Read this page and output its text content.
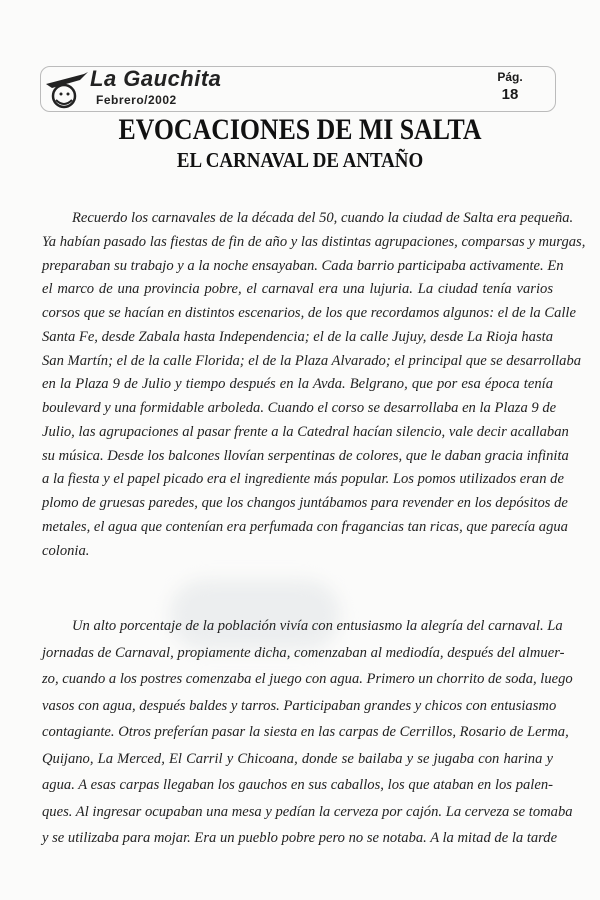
La Gauchita
Febrero/2002
Pág.
18
EVOCACIONES DE MI SALTA
EL CARNAVAL DE ANTAÑO
Recuerdo los carnavales de la década del 50, cuando la ciudad de Salta era pequeña.
Ya habían pasado las fiestas de fin de año y las distintas agrupaciones, comparsas y murgas,
preparaban su trabajo y a la noche ensayaban. Cada barrio participaba activamente. En
el marco de una provincia pobre, el carnaval era una lujuria. La ciudad tenía varios
corsos que se hacían en distintos escenarios, de los que recordamos algunos: el de la Calle
Santa Fe, desde Zabala hasta Independencia; el de la calle Jujuy, desde La Rioja hasta
San Martín; el de la calle Florida; el de la Plaza Alvarado; el principal que se desarrollaba
en la Plaza 9 de Julio y tiempo después en la Avda. Belgrano, que por esa época tenía
boulevard y una formidable arboleda. Cuando el corso se desarrollaba en la Plaza 9 de
Julio, las agrupaciones al pasar frente a la Catedral hacían silencio, vale decir acallaban
su música. Desde los balcones llovían serpentinas de colores, que le daban gracia infinita
a la fiesta y el papel picado era el ingrediente más popular. Los pomos utilizados eran de
plomo de gruesas paredes, que los changos juntábamos para revender en los depósitos de
metales, el agua que contenían era perfumada con fragancias tan ricas, que parecía agua
colonia.
Un alto porcentaje de la población vivía con entusiasmo la alegría del carnaval. La
jornadas de Carnaval, propiamente dicha, comenzaban al mediodía, después del almuer-
zo, cuando a los postres comenzaba el juego con agua. Primero un chorrito de soda, luego
vasos con agua, después baldes y tarros. Participaban grandes y chicos con entusiasmo
contagiante. Otros preferían pasar la siesta en las carpas de Cerrillos, Rosario de Lerma,
Quijano, La Merced, El Carril y Chicoana, donde se bailaba y se jugaba con harina y
agua. A esas carpas llegaban los gauchos en sus caballos, los que ataban en los palen-
ques. Al ingresar ocupaban una mesa y pedían la cerveza por cajón. La cerveza se tomaba
y se utilizaba para mojar. Era un pueblo pobre pero no se notaba. A la mitad de la tarde
